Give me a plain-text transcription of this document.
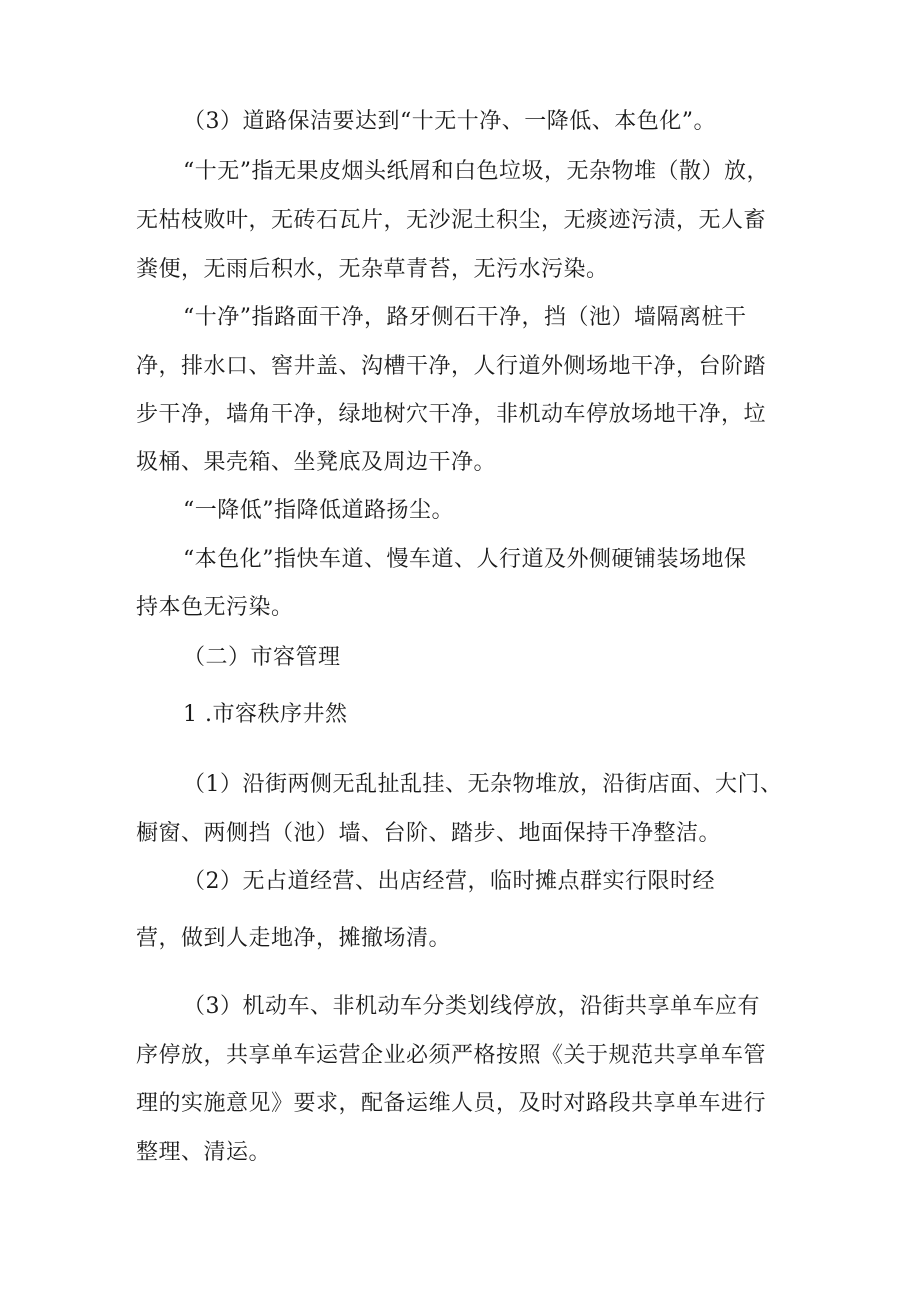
（3）道路保洁要达到“十无十净、一降低、本色化”。
“十无”指无果皮烟头纸屑和白色垃圾，无杂物堆（散）放，
无枯枝败叶，无砖石瓦片，无沙泥土积尘，无痰迹污渍，无人畜
粪便，无雨后积水，无杂草青苔，无污水污染。
“十净”指路面干净，路牙侧石干净，挡（池）墙隔离桩干
净，排水口、窖井盖、沟槽干净，人行道外侧场地干净，台阶踏
步干净，墙角干净，绿地树穴干净，非机动车停放场地干净，垃
圾桶、果壳箱、坐凳底及周边干净。
“一降低”指降低道路扬尘。
“本色化”指快车道、慢车道、人行道及外侧硬铺装场地保
持本色无污染。
（二）市容管理
1 .市容秩序井然
（1）沿街两侧无乱扯乱挂、无杂物堆放，沿街店面、大门、
橱窗、两侧挡（池）墙、台阶、踏步、地面保持干净整洁。
（2）无占道经营、出店经营，临时摊点群实行限时经
营，做到人走地净，摊撤场清。
（3）机动车、非机动车分类划线停放，沿街共享单车应有
序停放，共享单车运营企业必须严格按照《关于规范共享单车管
理的实施意见》要求，配备运维人员，及时对路段共享单车进行
整理、清运。
